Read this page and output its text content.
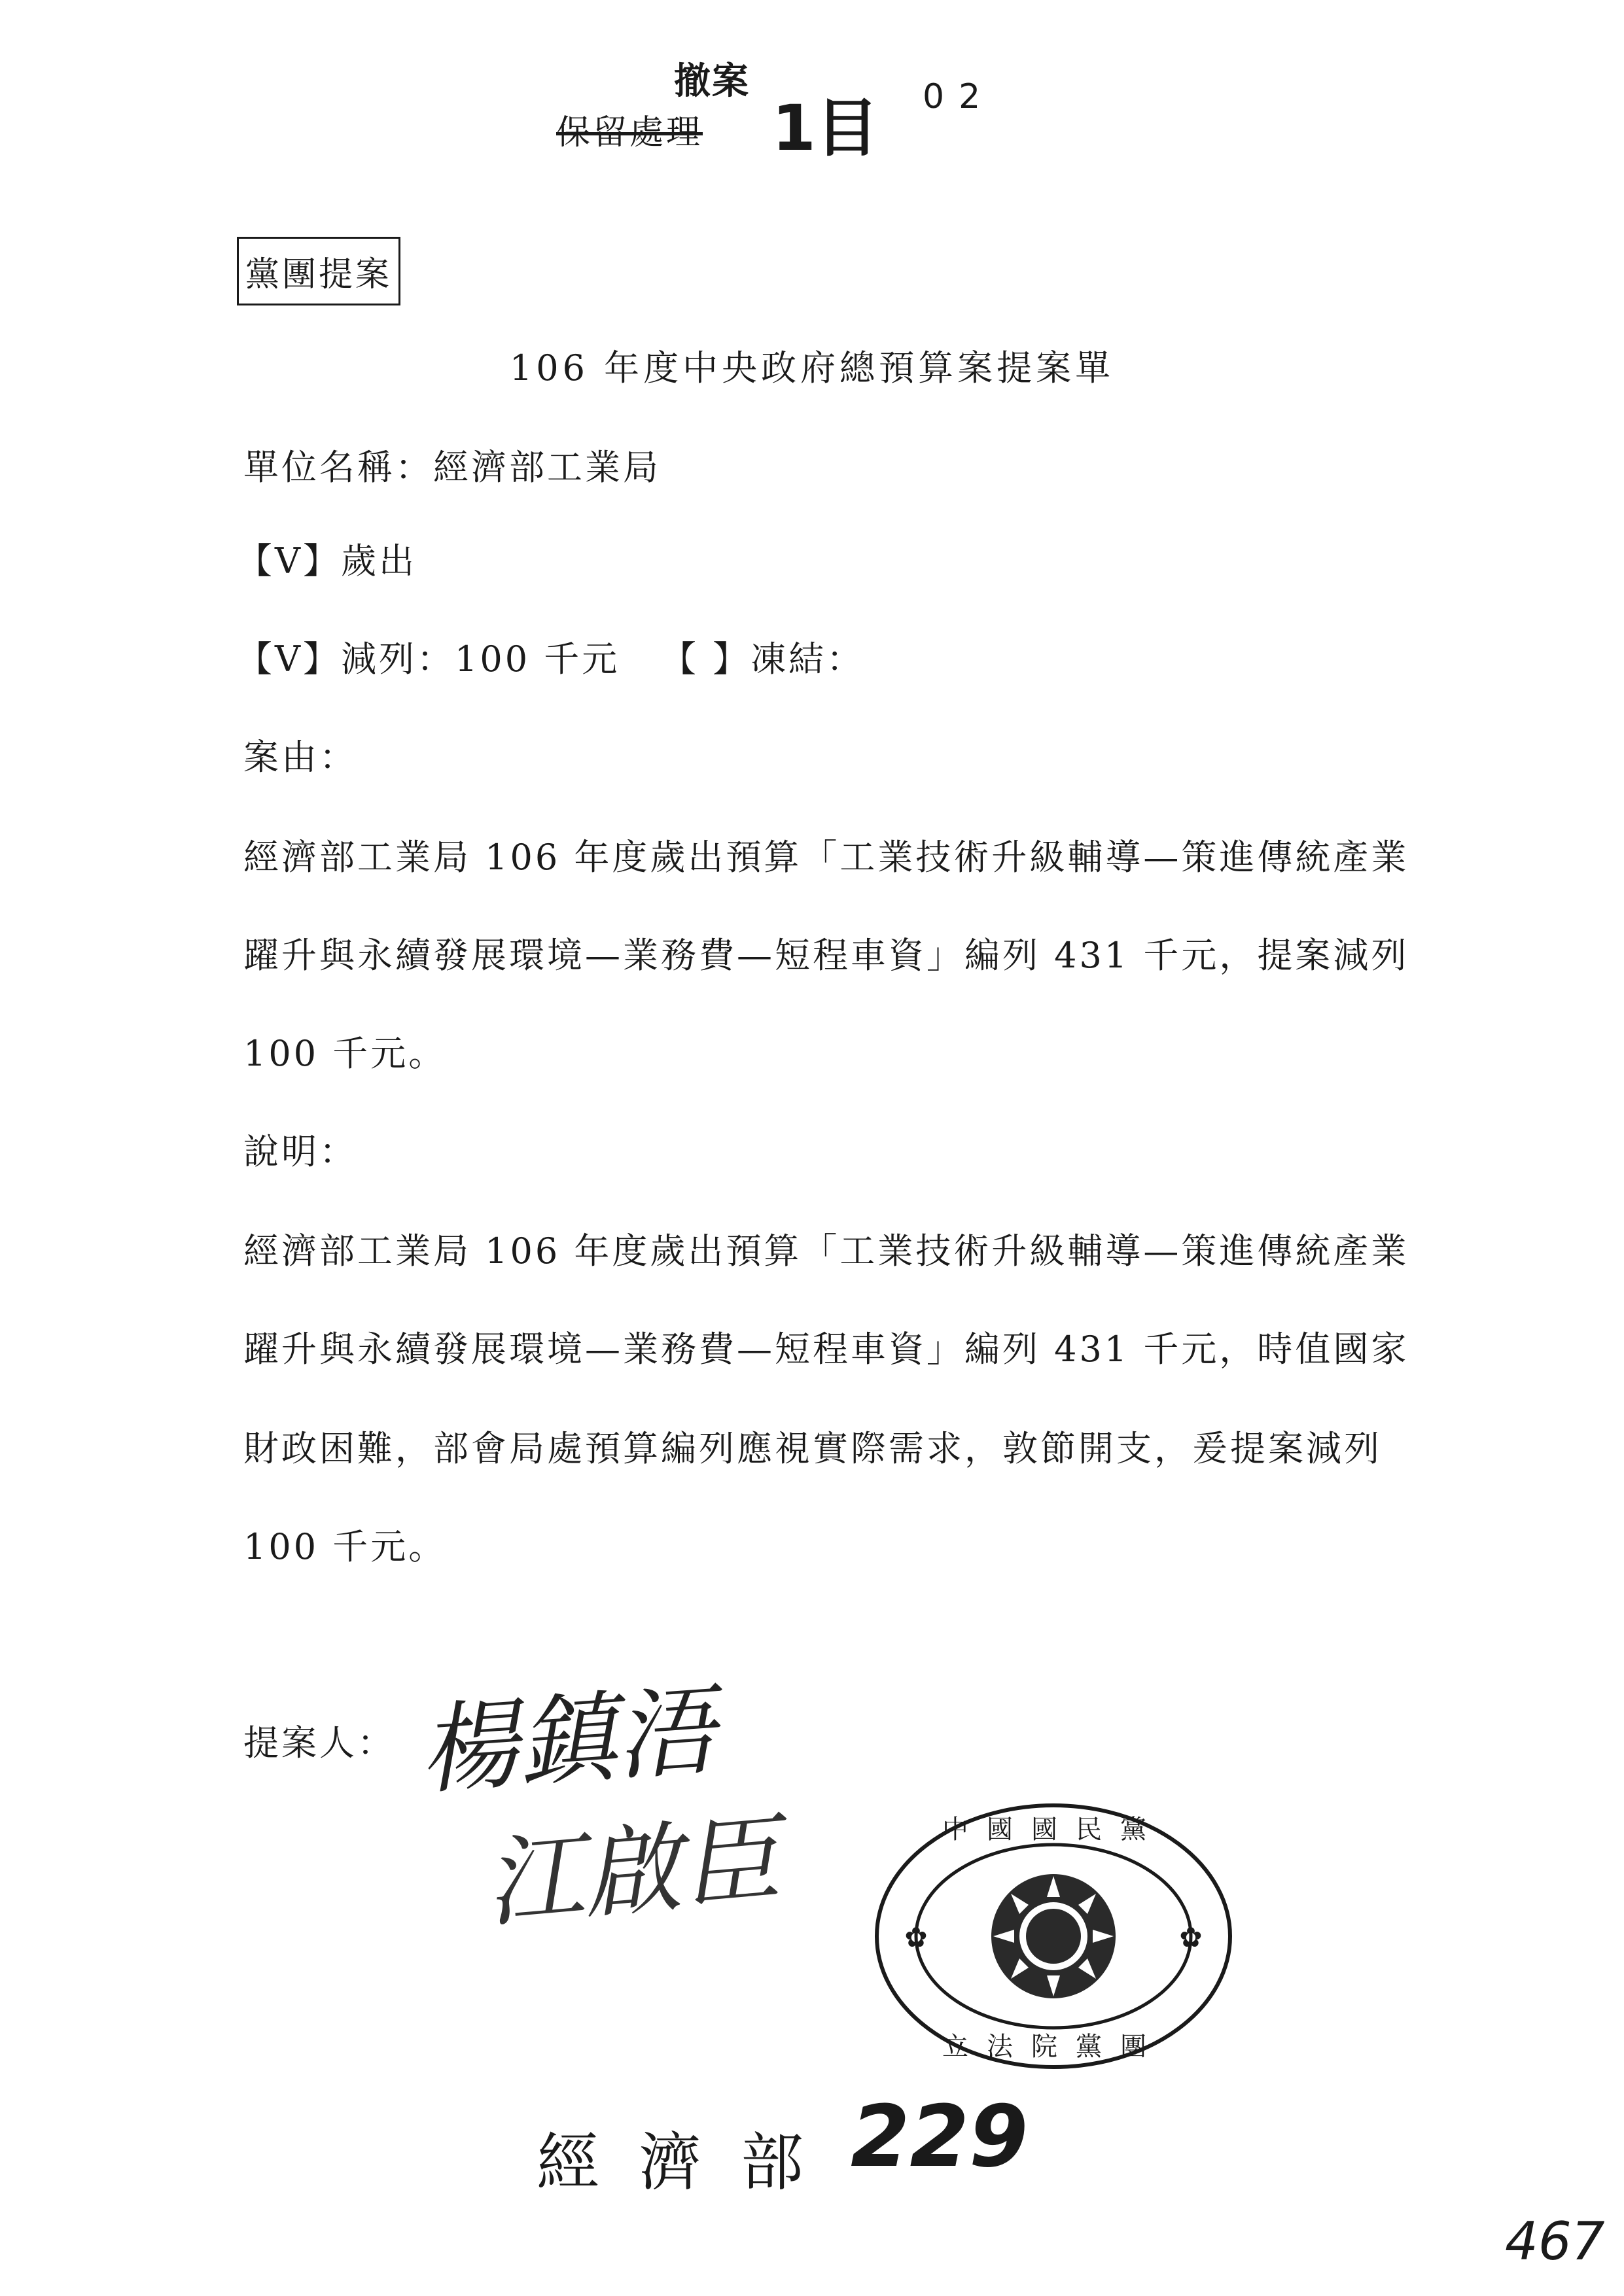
撤案
保留處理 1目 02
黨團提案
106 年度中央政府總預算案提案單
單位名稱：經濟部工業局
【V】歲出
【V】減列：100 千元 【 】凍結：
案由：
經濟部工業局 106 年度歲出預算「工業技術升級輔導—策進傳統產業
躍升與永續發展環境—業務費—短程車資」編列 431 千元，提案減列
100 千元。
說明：
經濟部工業局 106 年度歲出預算「工業技術升級輔導—策進傳統產業
躍升與永續發展環境—業務費—短程車資」編列 431 千元，時值國家
財政困難，部會局處預算編列應視實際需求，敦節開支，爰提案減列
100 千元。
提案人： 楊鎮浯
江啟臣	中國國民黨
立法院黨團
✿	✿
經濟部 229
467
